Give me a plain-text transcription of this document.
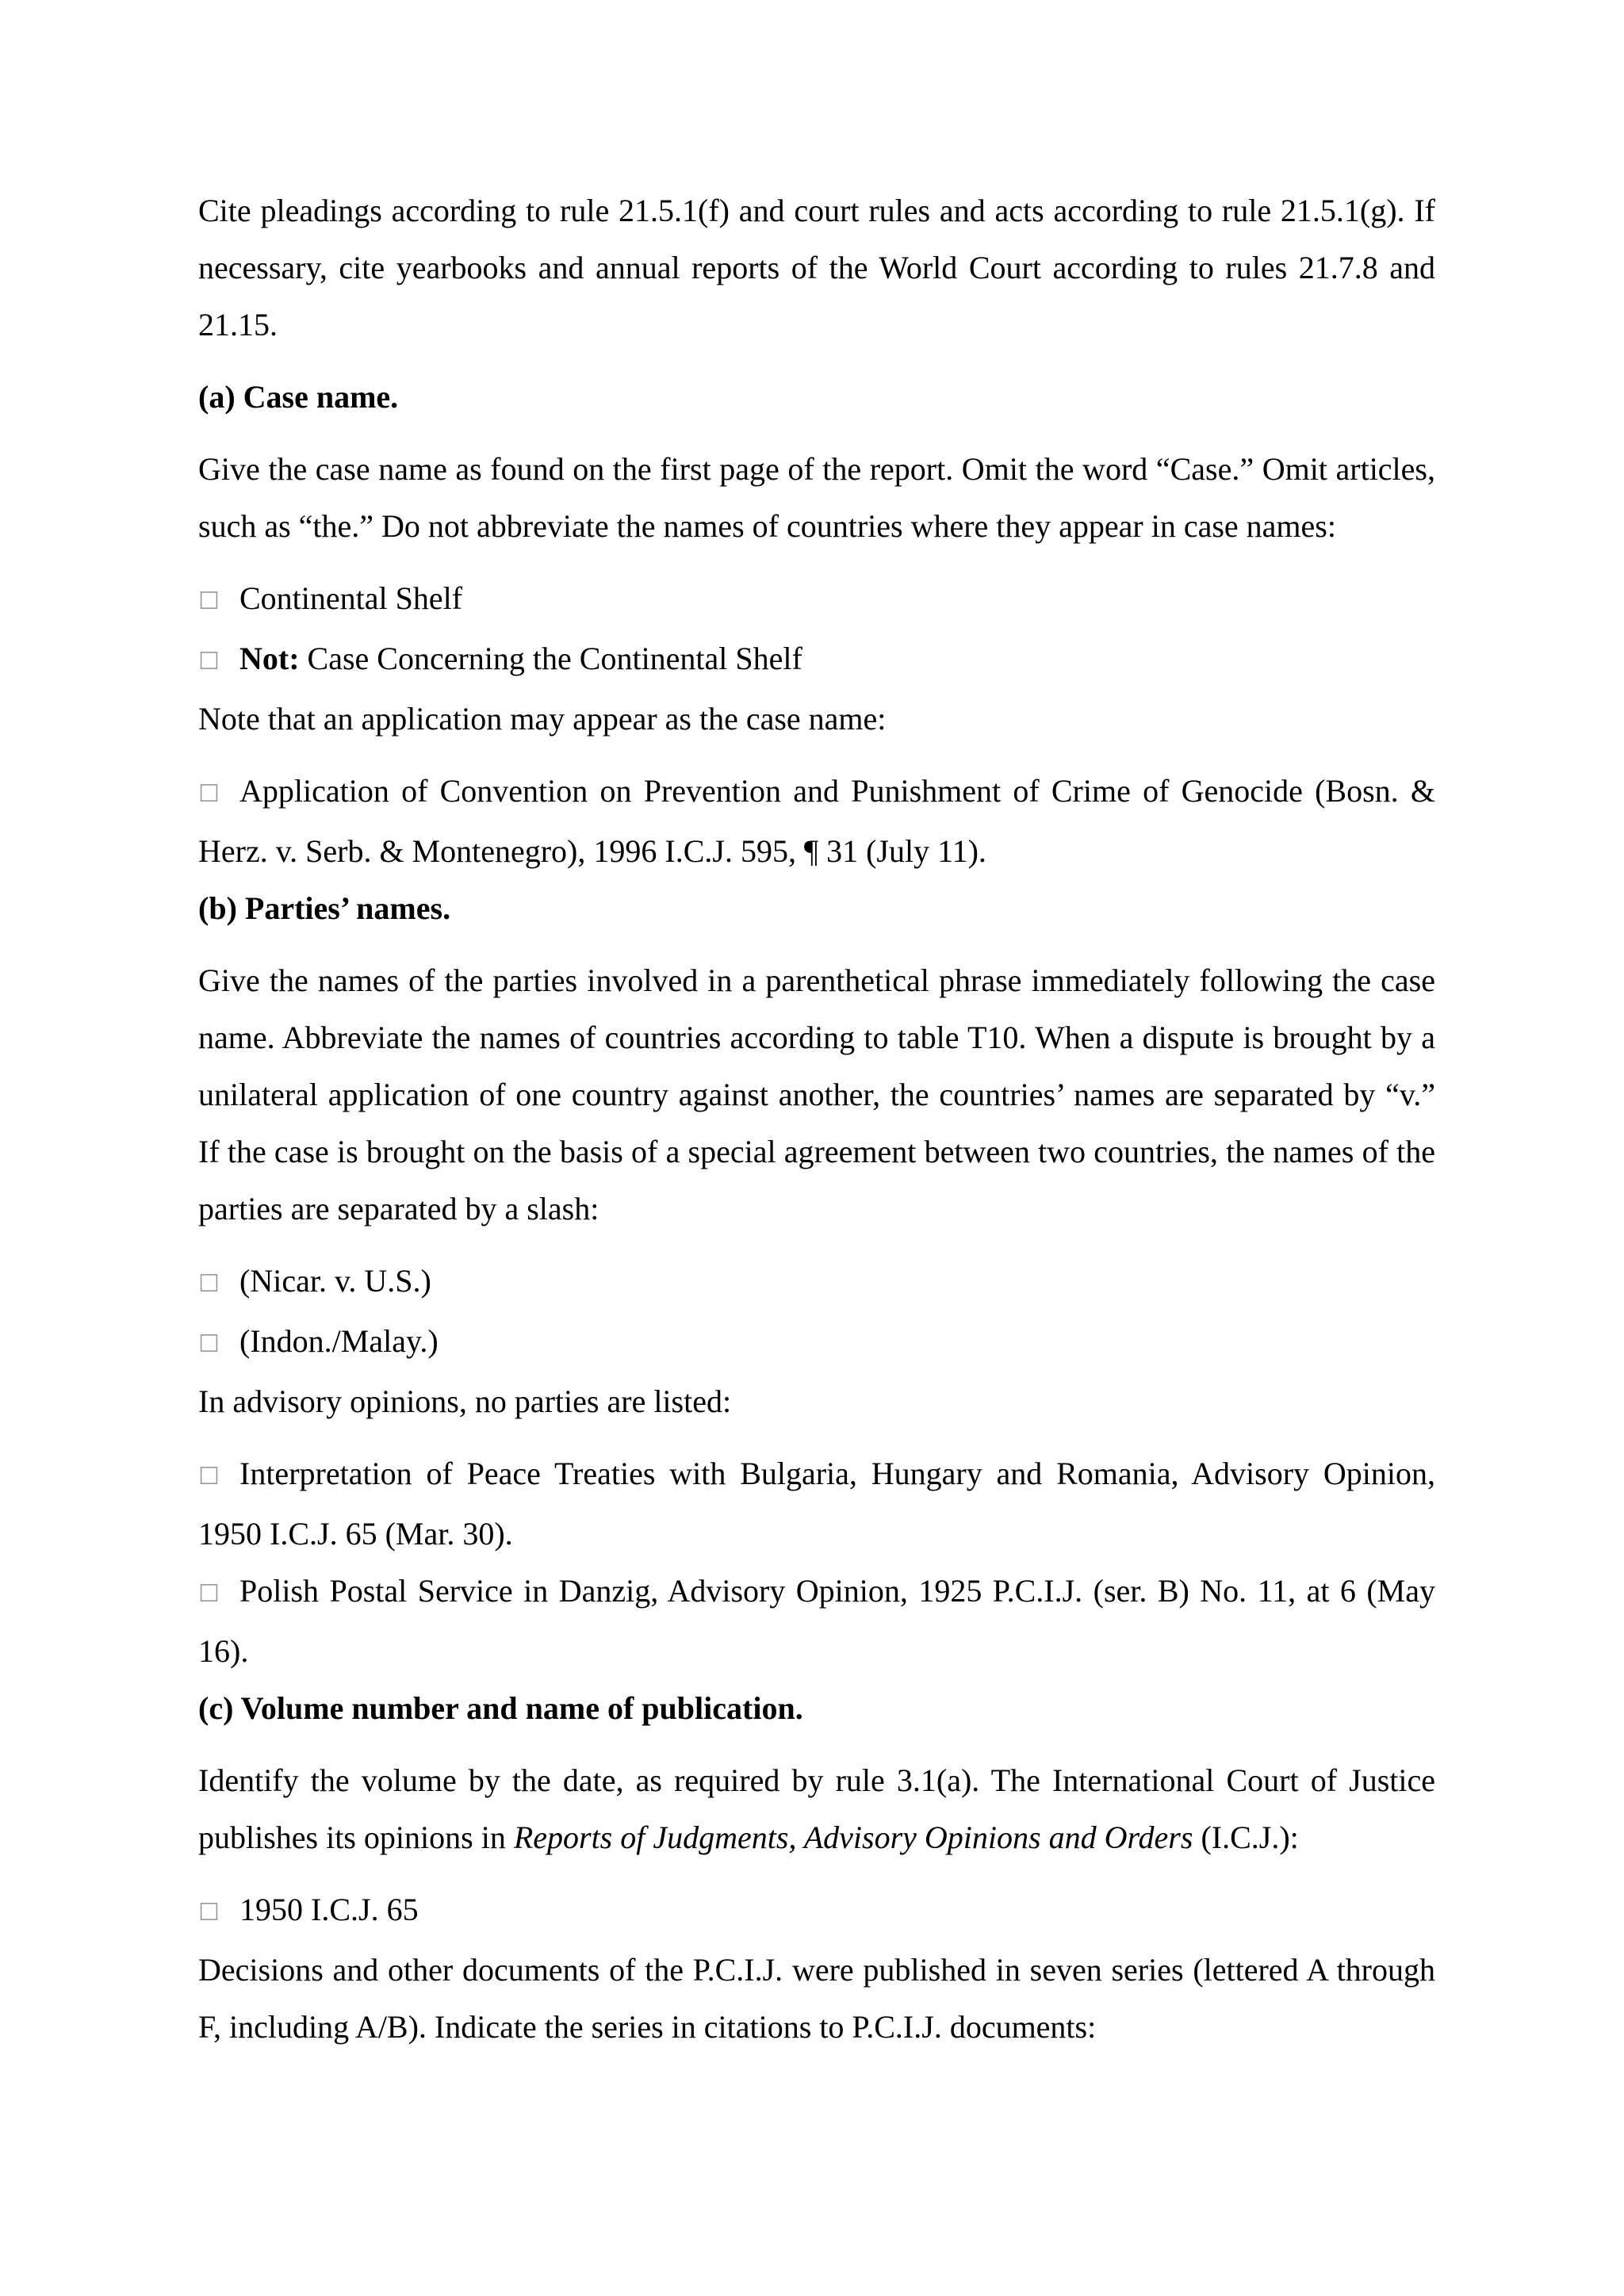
Cite pleadings according to rule 21.5.1(f) and court rules and acts according to rule 21.5.1(g). If necessary, cite yearbooks and annual reports of the World Court according to rules 21.7.8 and 21.15.

(a) Case name.

Give the case name as found on the first page of the report. Omit the word “Case.” Omit articles, such as “the.” Do not abbreviate the names of countries where they appear in case names:

☐ Continental Shelf

☐ Not: Case Concerning the Continental Shelf

Note that an application may appear as the case name:

☐ Application of Convention on Prevention and Punishment of Crime of Genocide (Bosn. & Herz. v. Serb. & Montenegro), 1996 I.C.J. 595, ¶ 31 (July 11).

(b) Parties’ names.

Give the names of the parties involved in a parenthetical phrase immediately following the case name. Abbreviate the names of countries according to table T10. When a dispute is brought by a unilateral application of one country against another, the countries’ names are separated by “v.” If the case is brought on the basis of a special agreement between two countries, the names of the parties are separated by a slash:

☐ (Nicar. v. U.S.)

☐ (Indon./Malay.)

In advisory opinions, no parties are listed:

☐ Interpretation of Peace Treaties with Bulgaria, Hungary and Romania, Advisory Opinion, 1950 I.C.J. 65 (Mar. 30).

☐ Polish Postal Service in Danzig, Advisory Opinion, 1925 P.C.I.J. (ser. B) No. 11, at 6 (May 16).

(c) Volume number and name of publication.

Identify the volume by the date, as required by rule 3.1(a). The International Court of Justice publishes its opinions in Reports of Judgments, Advisory Opinions and Orders (I.C.J.):

☐ 1950 I.C.J. 65

Decisions and other documents of the P.C.I.J. were published in seven series (lettered A through F, including A/B). Indicate the series in citations to P.C.I.J. documents:
